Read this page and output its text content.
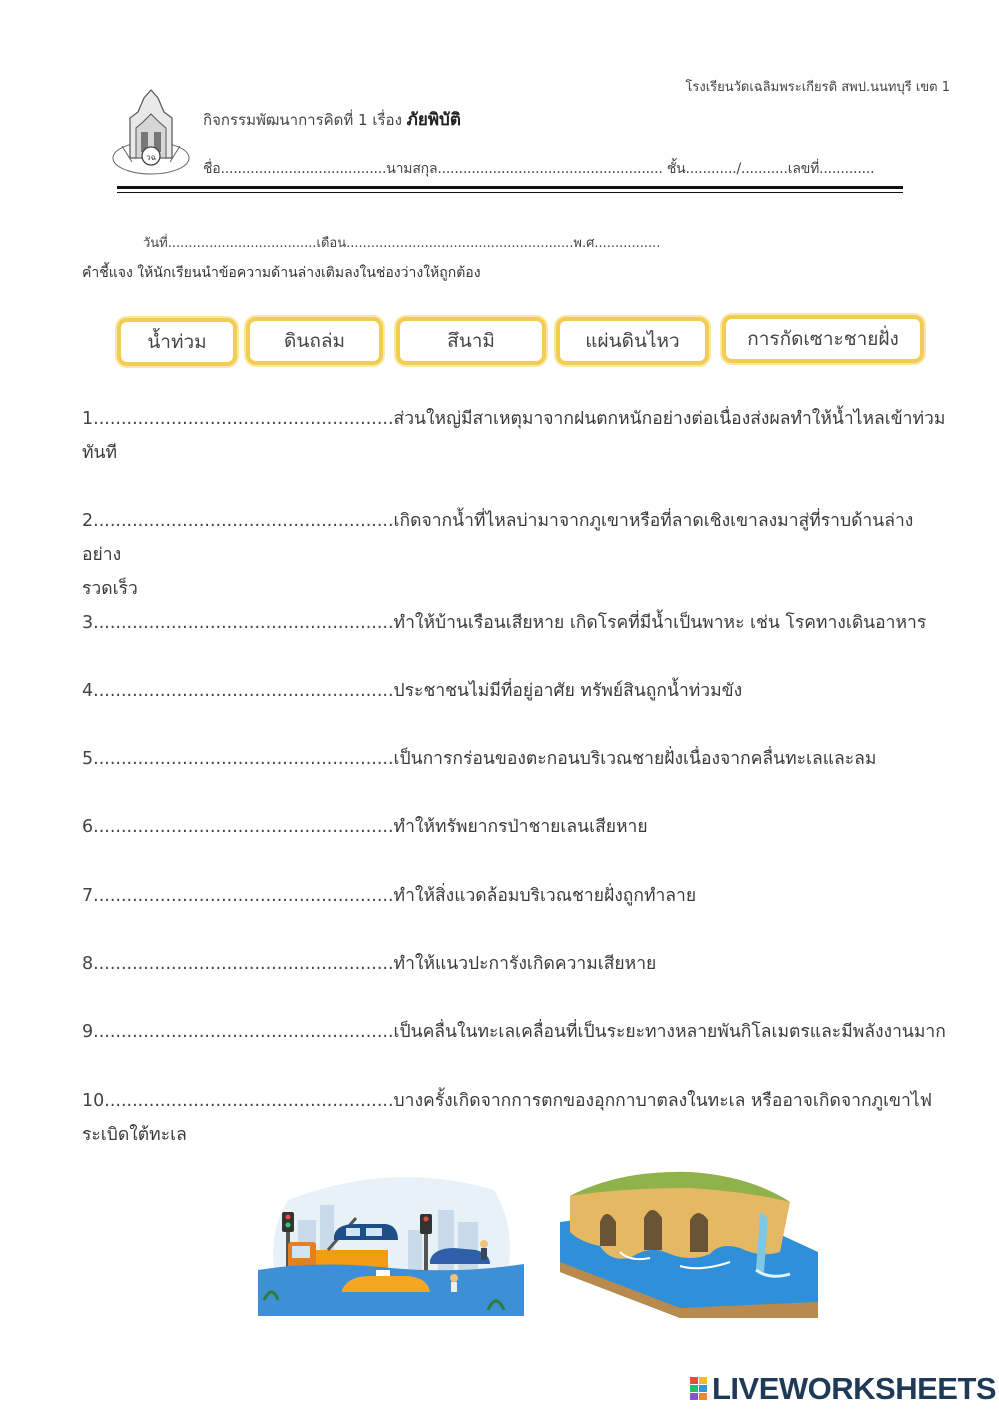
โรงเรียนวัดเฉลิมพระเกียรติ สพป.นนทบุรี เขต 1
วฉ
กิจกรรมพัฒนาการคิดที่ 1 เรื่อง ภัยพิบัติ
ชื่อ.......................................นามสกุล..................................................... ชั้น............/...........เลขที่.............
วันที่....................................เดือน.......................................................พ.ศ................
คำชี้แจง ให้นักเรียนนำข้อความด้านล่างเติมลงในช่องว่างให้ถูกต้อง
น้ำท่วม	ดินถล่ม	สึนามิ	แผ่นดินไหว	การกัดเซาะชายฝั่ง
1......................................................ส่วนใหญ่มีสาเหตุมาจากฝนตกหนักอย่างต่อเนื่องส่งผลทำให้น้ำไหลเข้าท่วม
ทันที
2......................................................เกิดจากน้ำที่ไหลบ่ามาจากภูเขาหรือที่ลาดเชิงเขาลงมาสู่ที่ราบด้านล่างอย่าง
รวดเร็ว
3......................................................ทำให้บ้านเรือนเสียหาย เกิดโรคที่มีน้ำเป็นพาหะ เช่น โรคทางเดินอาหาร
4......................................................ประชาชนไม่มีที่อยู่อาศัย ทรัพย์สินถูกน้ำท่วมขัง
5......................................................เป็นการกร่อนของตะกอนบริเวณชายฝั่งเนื่องจากคลื่นทะเลและลม
6......................................................ทำให้ทรัพยากรป่าชายเลนเสียหาย
7......................................................ทำให้สิ่งแวดล้อมบริเวณชายฝั่งถูกทำลาย
8......................................................ทำให้แนวปะการังเกิดความเสียหาย
9......................................................เป็นคลื่นในทะเลเคลื่อนที่เป็นระยะทางหลายพันกิโลเมตรและมีพลังงานมาก
10....................................................บางครั้งเกิดจากการตกของอุกกาบาตลงในทะเล หรืออาจเกิดจากภูเขาไฟ
ระเบิดใต้ทะเล
LIVEWORKSHEETS
